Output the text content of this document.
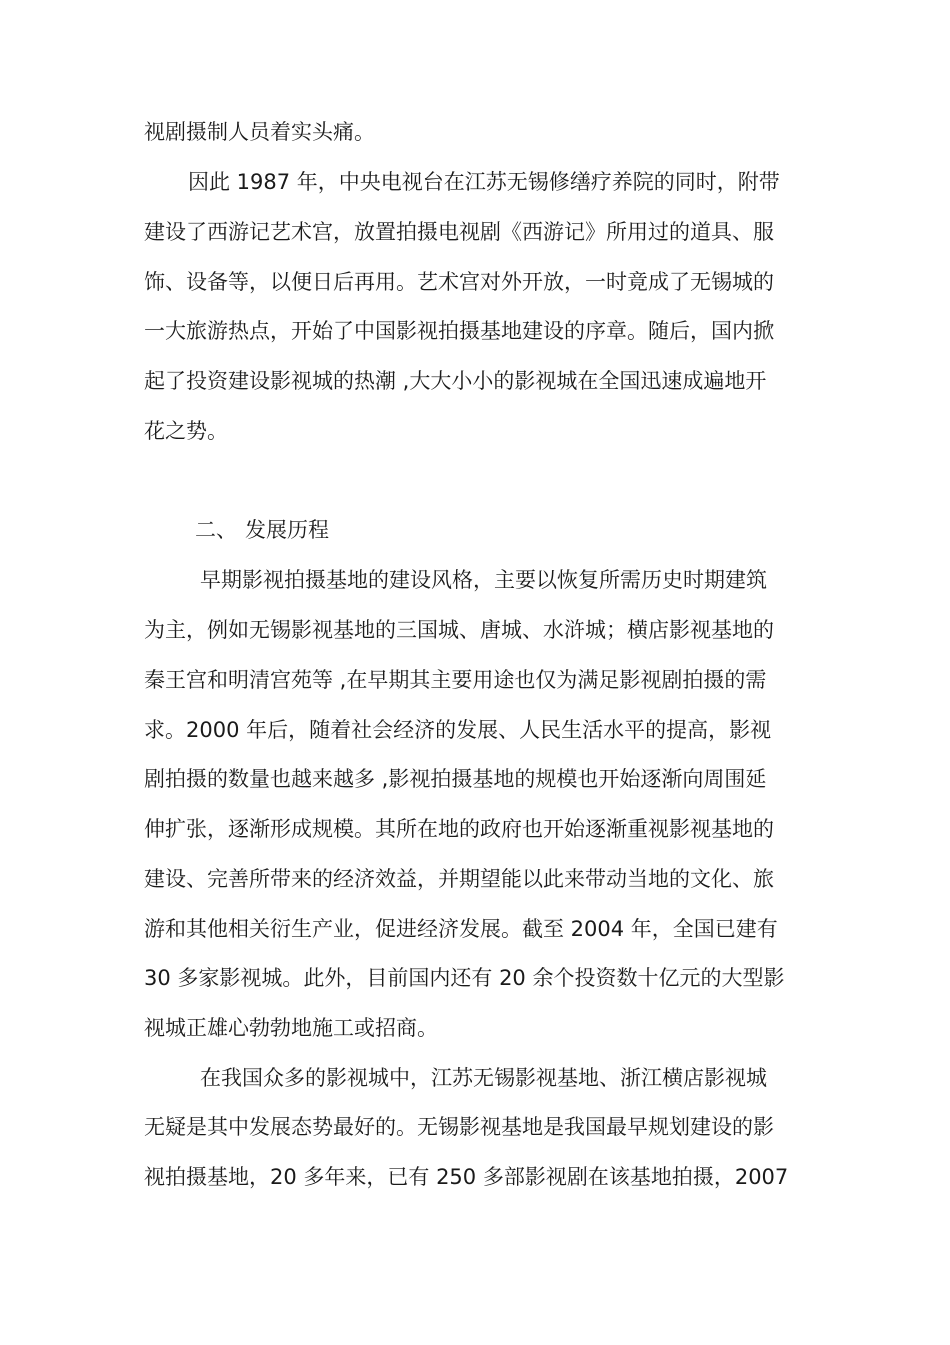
视剧摄制人员着实头痛。
因此 1987 年，中央电视台在江苏无锡修缮疗养院的同时，附带
建设了西游记艺术宫，放置拍摄电视剧《西游记》所用过的道具、服
饰、设备等，以便日后再用。艺术宫对外开放，一时竟成了无锡城的
一大旅游热点，开始了中国影视拍摄基地建设的序章。随后，国内掀
起了投资建设影视城的热潮 ,大大小小的影视城在全国迅速成遍地开
花之势。
二、 发展历程
早期影视拍摄基地的建设风格，主要以恢复所需历史时期建筑
为主，例如无锡影视基地的三国城、唐城、水浒城；横店影视基地的
秦王宫和明清宫苑等 ,在早期其主要用途也仅为满足影视剧拍摄的需
求。2000 年后，随着社会经济的发展、人民生活水平的提高，影视
剧拍摄的数量也越来越多 ,影视拍摄基地的规模也开始逐渐向周围延
伸扩张，逐渐形成规模。其所在地的政府也开始逐渐重视影视基地的
建设、完善所带来的经济效益，并期望能以此来带动当地的文化、旅
游和其他相关衍生产业，促进经济发展。截至 2004 年，全国已建有
30 多家影视城。此外，目前国内还有 20 余个投资数十亿元的大型影
视城正雄心勃勃地施工或招商。
在我国众多的影视城中，江苏无锡影视基地、浙江横店影视城
无疑是其中发展态势最好的。无锡影视基地是我国最早规划建设的影
视拍摄基地，20 多年来，已有 250 多部影视剧在该基地拍摄，2007
